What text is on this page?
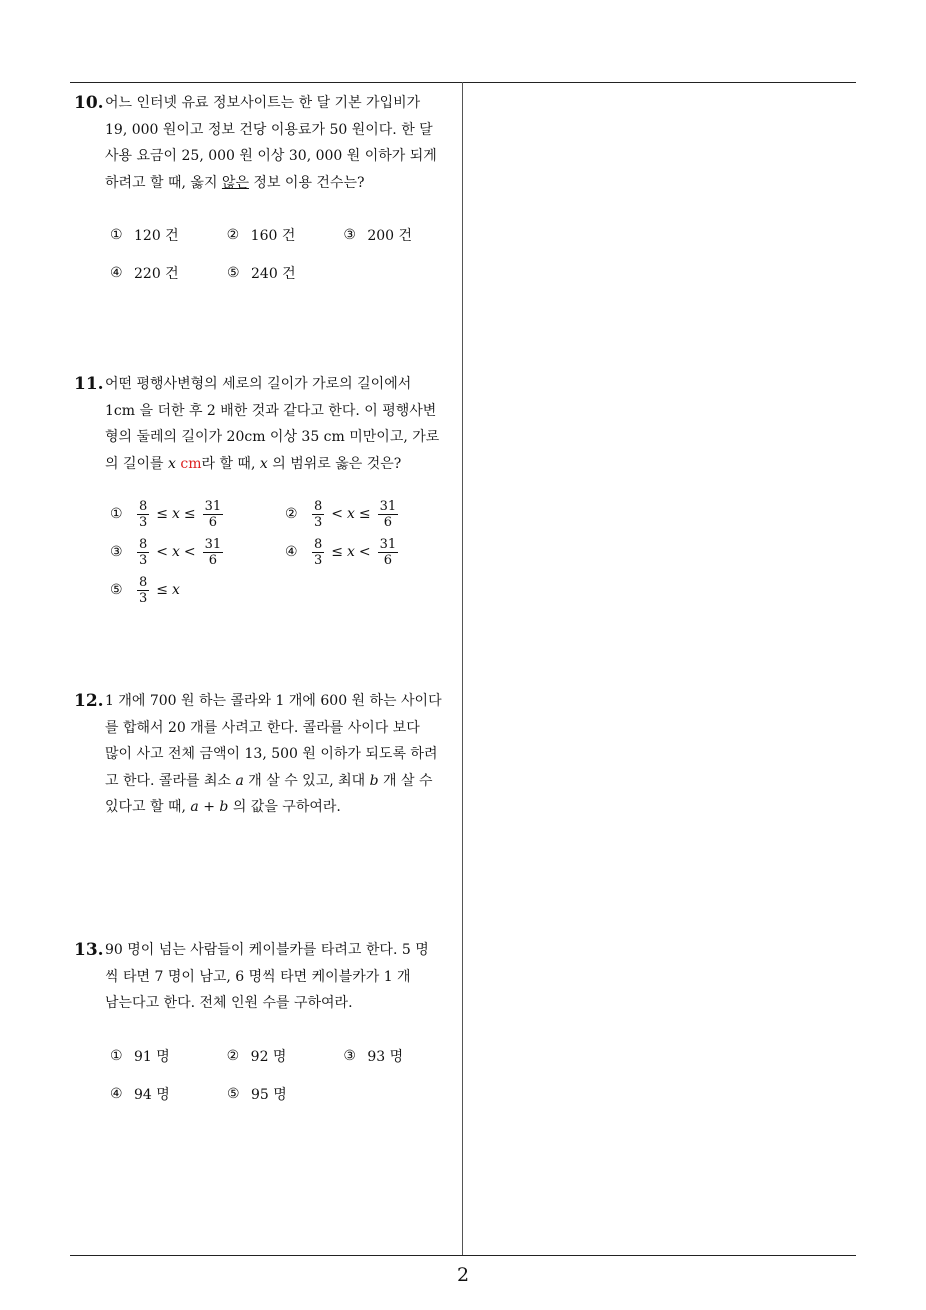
2
10. 어느 인터넷 유료 정보사이트는 한 달 기본 가입비가
19, 000 원이고 정보 건당 이용료가 50 원이다. 한 달
사용 요금이 25, 000 원 이상 30, 000 원 이하가 되게
하려고 할 때, 옳지 않은 정보 이용 건수는?
① 120 건	② 160 건	③ 200 건
④ 220 건	⑤ 240 건
11. 어떤 평행사변형의 세로의 길이가 가로의 길이에서
1cm 을 더한 후 2 배한 것과 같다고 한다. 이 평행사변
형의 둘레의 길이가 20cm 이상 35 cm 미만이고, 가로
의 길이를 x cm라 할 때, x 의 범위로 옳은 것은?
①	$\frac{8}{3} \le x \le \frac{31}{6}$	②	$\frac{8}{3} < x \le \frac{31}{6}$
③	$\frac{8}{3} < x < \frac{31}{6}$	④	$\frac{8}{3} \le x < \frac{31}{6}$
⑤	$\frac{8}{3} \le x$
12. 1 개에 700 원 하는 콜라와 1 개에 600 원 하는 사이다
를 합해서 20 개를 사려고 한다. 콜라를 사이다 보다
많이 사고 전체 금액이 13, 500 원 이하가 되도록 하려
고 한다. 콜라를 최소 a 개 살 수 있고, 최대 b 개 살 수
있다고 할 때, a + b 의 값을 구하여라.
13. 90 명이 넘는 사람들이 케이블카를 타려고 한다. 5 명
씩 타면 7 명이 남고, 6 명씩 타면 케이블카가 1 개
남는다고 한다. 전체 인원 수를 구하여라.
① 91 명	② 92 명	③ 93 명
④ 94 명	⑤ 95 명
